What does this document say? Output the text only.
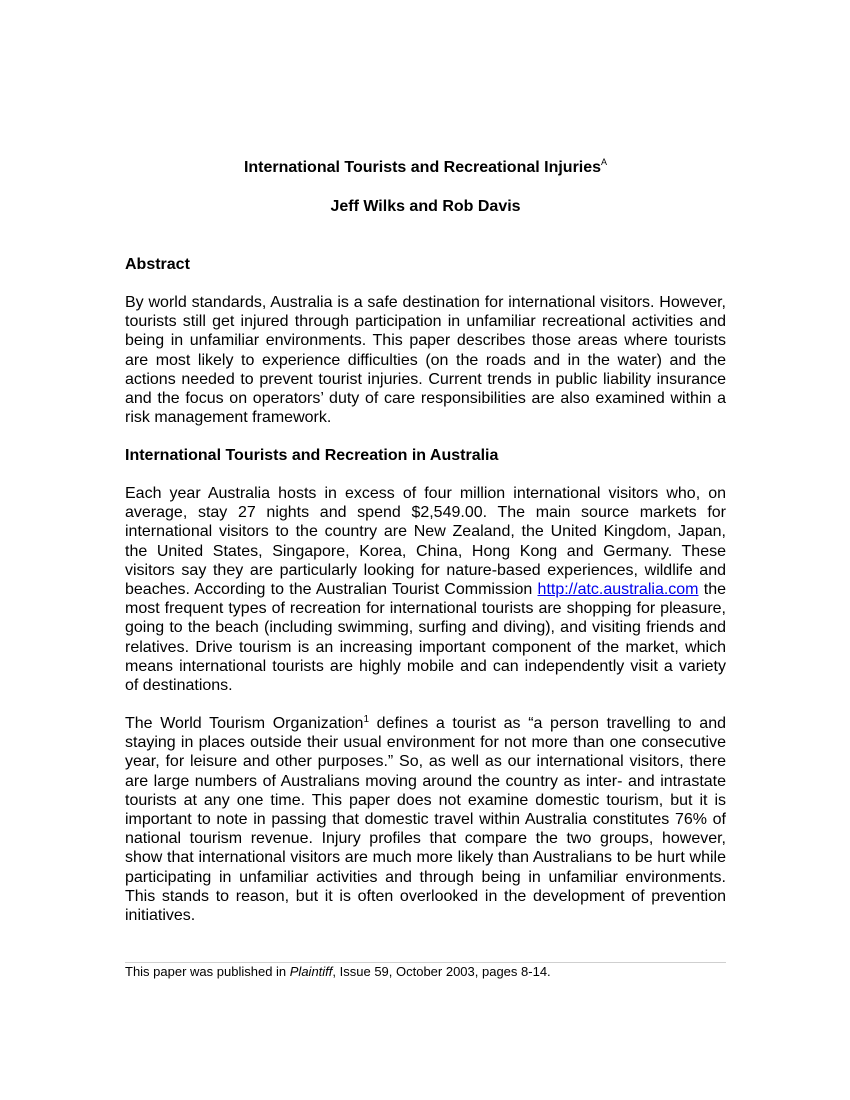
International Tourists and Recreational Injuries$^A$

Jeff Wilks and Rob Davis

Abstract

By world standards, Australia is a safe destination for international visitors. However, tourists still get injured through participation in unfamiliar recreational activities and being in unfamiliar environments. This paper describes those areas where tourists are most likely to experience difficulties (on the roads and in the water) and the actions needed to prevent tourist injuries. Current trends in public liability insurance and the focus on operators’ duty of care responsibilities are also examined within a risk management framework.

International Tourists and Recreation in Australia

Each year Australia hosts in excess of four million international visitors who, on average, stay 27 nights and spend $2,549.00. The main source markets for international visitors to the country are New Zealand, the United Kingdom, Japan, the United States, Singapore, Korea, China, Hong Kong and Germany. These visitors say they are particularly looking for nature-based experiences, wildlife and beaches. According to the Australian Tourist Commission http://atc.australia.com the most frequent types of recreation for international tourists are shopping for pleasure, going to the beach (including swimming, surfing and diving), and visiting friends and relatives. Drive tourism is an increasing important component of the market, which means international tourists are highly mobile and can independently visit a variety of destinations.

The World Tourism Organization$^1$ defines a tourist as “a person travelling to and staying in places outside their usual environment for not more than one consecutive year, for leisure and other purposes.” So, as well as our international visitors, there are large numbers of Australians moving around the country as inter- and intrastate tourists at any one time. This paper does not examine domestic tourism, but it is important to note in passing that domestic travel within Australia constitutes 76% of national tourism revenue. Injury profiles that compare the two groups, however, show that international visitors are much more likely than Australians to be hurt while participating in unfamiliar activities and through being in unfamiliar environments. This stands to reason, but it is often overlooked in the development of prevention initiatives.

This paper was published in Plaintiff, Issue 59, October 2003, pages 8-14.
